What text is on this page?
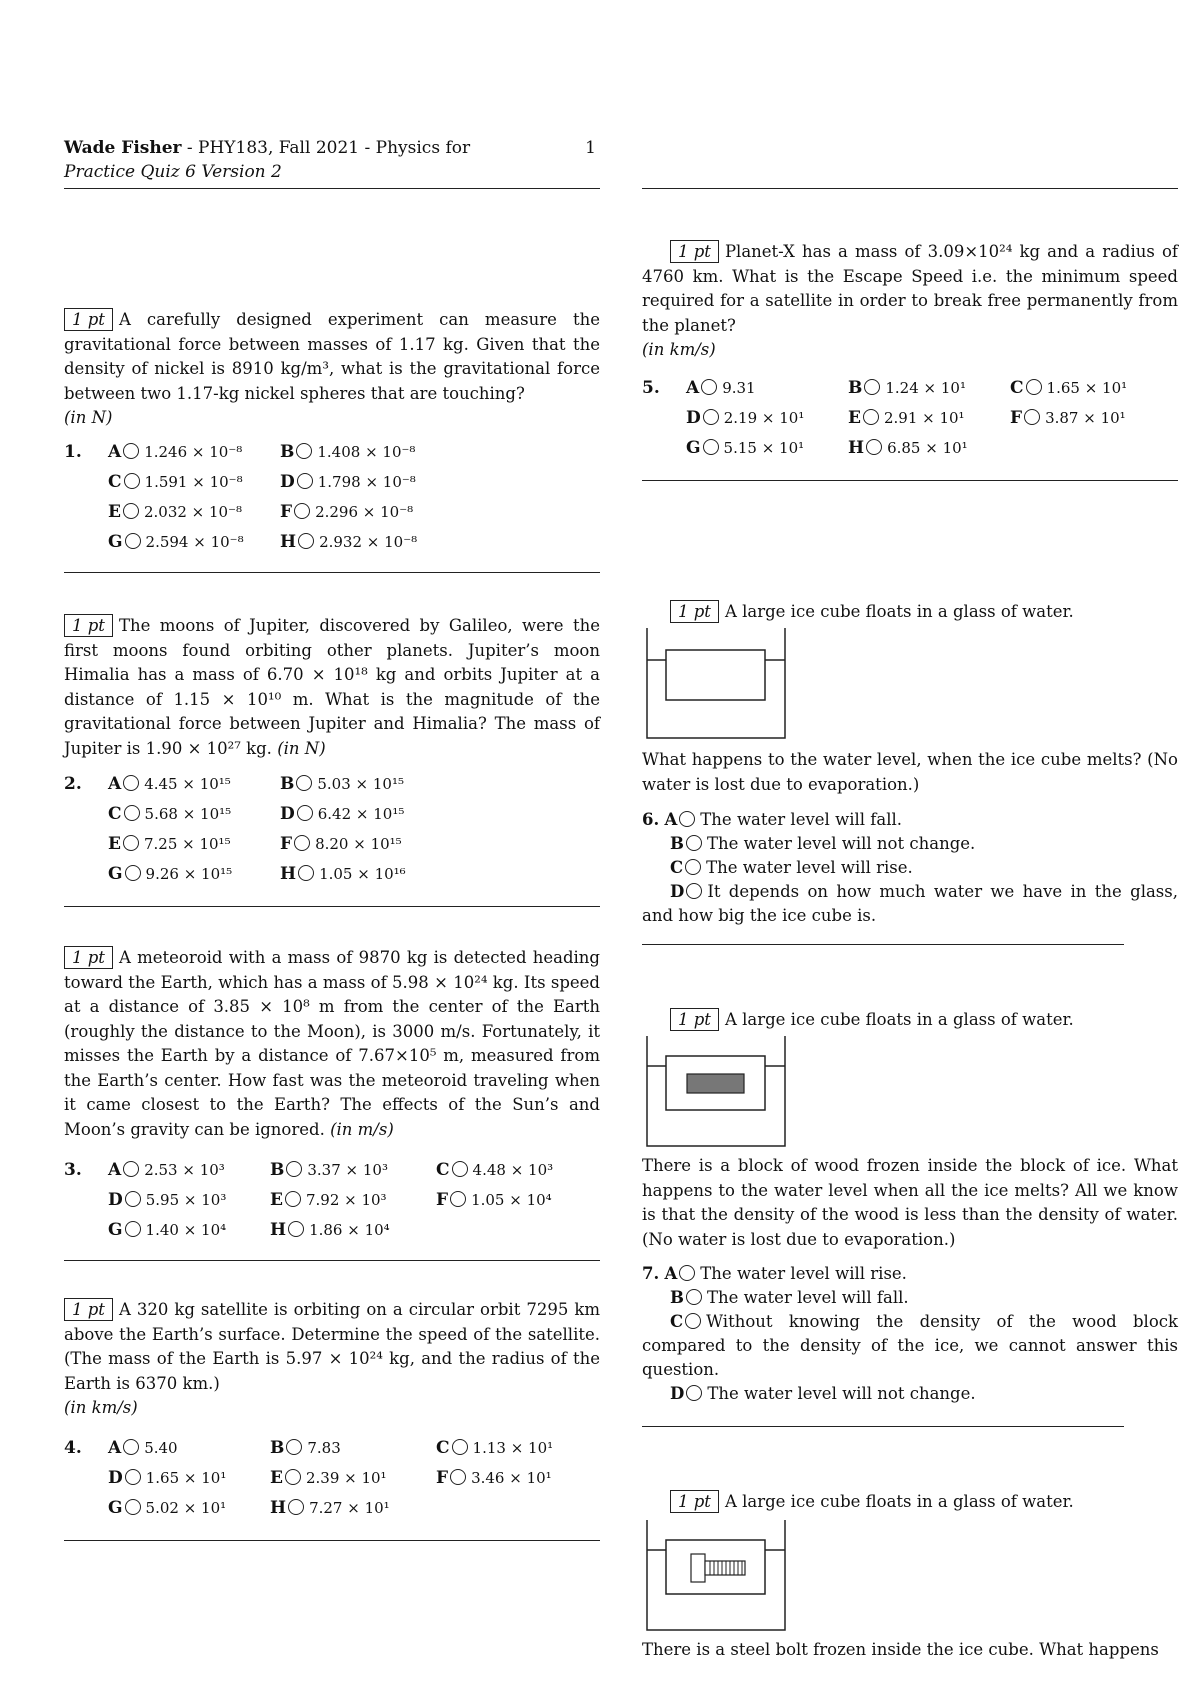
Wade Fisher - PHY183, Fall 2021 - Physics for	1
Practice Quiz 6 Version 2
1 pt A carefully designed experiment can measure the gravitational force between masses of 1.17 kg. Given that the density of nickel is 8910 kg/m³, what is the gravitational force between two 1.17-kg nickel spheres that are touching?
(in N)
1. A 1.246 × 10⁻⁸ B 1.408 × 10⁻⁸
C 1.591 × 10⁻⁸ D 1.798 × 10⁻⁸
E 2.032 × 10⁻⁸ F 2.296 × 10⁻⁸
G 2.594 × 10⁻⁸ H 2.932 × 10⁻⁸
1 pt The moons of Jupiter, discovered by Galileo, were the first moons found orbiting other planets. Jupiter’s moon Himalia has a mass of 6.70 × 10¹⁸ kg and orbits Jupiter at a distance of 1.15 × 10¹⁰ m. What is the magnitude of the gravitational force between Jupiter and Himalia? The mass of Jupiter is 1.90 × 10²⁷ kg. (in N)
2. A 4.45 × 10¹⁵	B 5.03 × 10¹⁵
C 5.68 × 10¹⁵	D 6.42 × 10¹⁵
E 7.25 × 10¹⁵	F 8.20 × 10¹⁵
G 9.26 × 10¹⁵	H 1.05 × 10¹⁶
1 pt A meteoroid with a mass of 9870 kg is detected heading toward the Earth, which has a mass of 5.98 × 10²⁴ kg. Its speed at a distance of 3.85 × 10⁸ m from the center of the Earth (roughly the distance to the Moon), is 3000 m/s. Fortunately, it misses the Earth by a distance of 7.67×10⁵ m, measured from the Earth’s center. How fast was the meteoroid traveling when it came closest to the Earth? The effects of the Sun’s and Moon’s gravity can be ignored. (in m/s)
3. A 2.53 × 10³	B 3.37 × 10³	C 4.48 × 10³
D 5.95 × 10³	E 7.92 × 10³	F 1.05 × 10⁴
G 1.40 × 10⁴	H 1.86 × 10⁴
1 pt A 320 kg satellite is orbiting on a circular orbit 7295 km above the Earth’s surface. Determine the speed of the satellite. (The mass of the Earth is 5.97 × 10²⁴ kg, and the radius of the Earth is 6370 km.)
(in km/s)
4. A 5.40	B 7.83	C 1.13 × 10¹
D 1.65 × 10¹	E 2.39 × 10¹	F 3.46 × 10¹
G 5.02 × 10¹	H 7.27 × 10¹
1 pt Planet-X has a mass of 3.09×10²⁴ kg and a radius of 4760 km. What is the Escape Speed i.e. the minimum speed required for a satellite in order to break free permanently from the planet?
(in km/s)
5. A 9.31	B 1.24 × 10¹	C 1.65 × 10¹
D 2.19 × 10¹	E 2.91 × 10¹	F 3.87 × 10¹
G 5.15 × 10¹	H 6.85 × 10¹
1 pt A large ice cube floats in a glass of water.
What happens to the water level, when the ice cube melts? (No water is lost due to evaporation.)
6. A The water level will fall.
B The water level will not change.
C The water level will rise.
D It depends on how much water we have in the glass, and how big the ice cube is.
1 pt A large ice cube floats in a glass of water.
There is a block of wood frozen inside the block of ice. What happens to the water level when all the ice melts? All we know is that the density of the wood is less than the density of water. (No water is lost due to evaporation.)
7. A The water level will rise.
B The water level will fall.
C Without knowing the density of the wood block compared to the density of the ice, we cannot answer this question.
D The water level will not change.
1 pt A large ice cube floats in a glass of water.
There is a steel bolt frozen inside the ice cube. What happens
